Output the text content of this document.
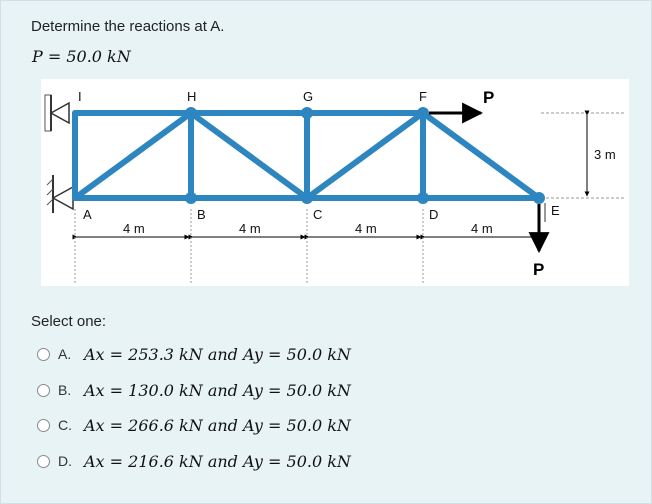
Determine the reactions at A.
P = 50.0 kN
I	H	G	F
A	B	C	D	E
P
P
3 m
4 m	4 m	4 m	4 m
Select one:
A. Ax = 253.3 kN and Ay = 50.0 kN
B. Ax = 130.0 kN and Ay = 50.0 kN
C. Ax = 266.6 kN and Ay = 50.0 kN
D. Ax = 216.6 kN and Ay = 50.0 kN
